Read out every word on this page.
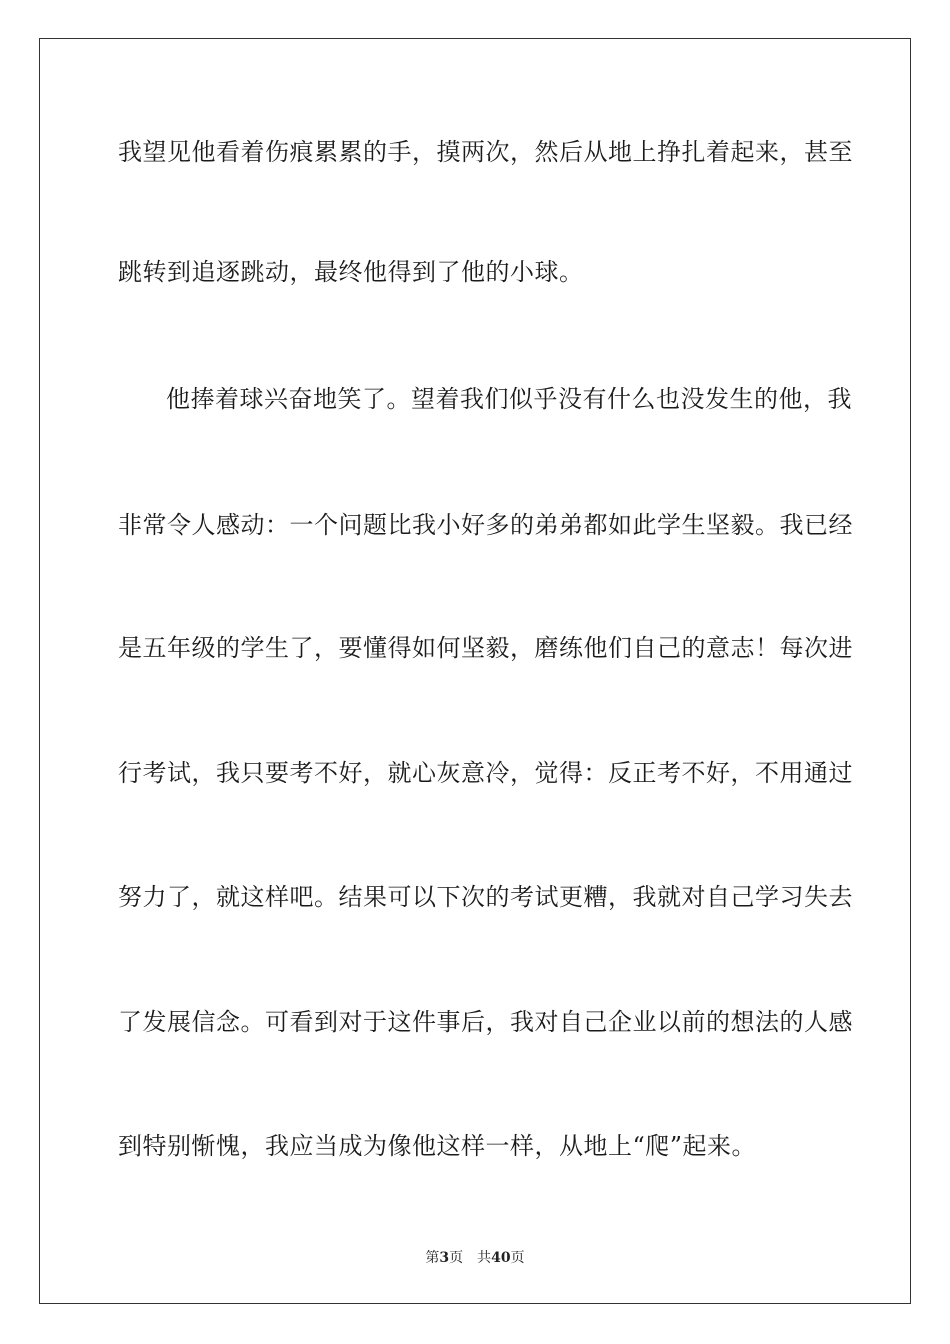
我望见他看着伤痕累累的手，摸两次，然后从地上挣扎着起来，甚至
跳转到追逐跳动，最终他得到了他的小球。
他捧着球兴奋地笑了。望着我们似乎没有什么也没发生的他，我
非常令人感动：一个问题比我小好多的弟弟都如此学生坚毅。我已经
是五年级的学生了，要懂得如何坚毅，磨练他们自己的意志！每次进
行考试，我只要考不好，就心灰意冷，觉得：反正考不好，不用通过
努力了，就这样吧。结果可以下次的考试更糟，我就对自己学习失去
了发展信念。可看到对于这件事后，我对自己企业以前的想法的人感
到特别惭愧，我应当成为像他这样一样，从地上“爬”起来。
第3页 共40页
